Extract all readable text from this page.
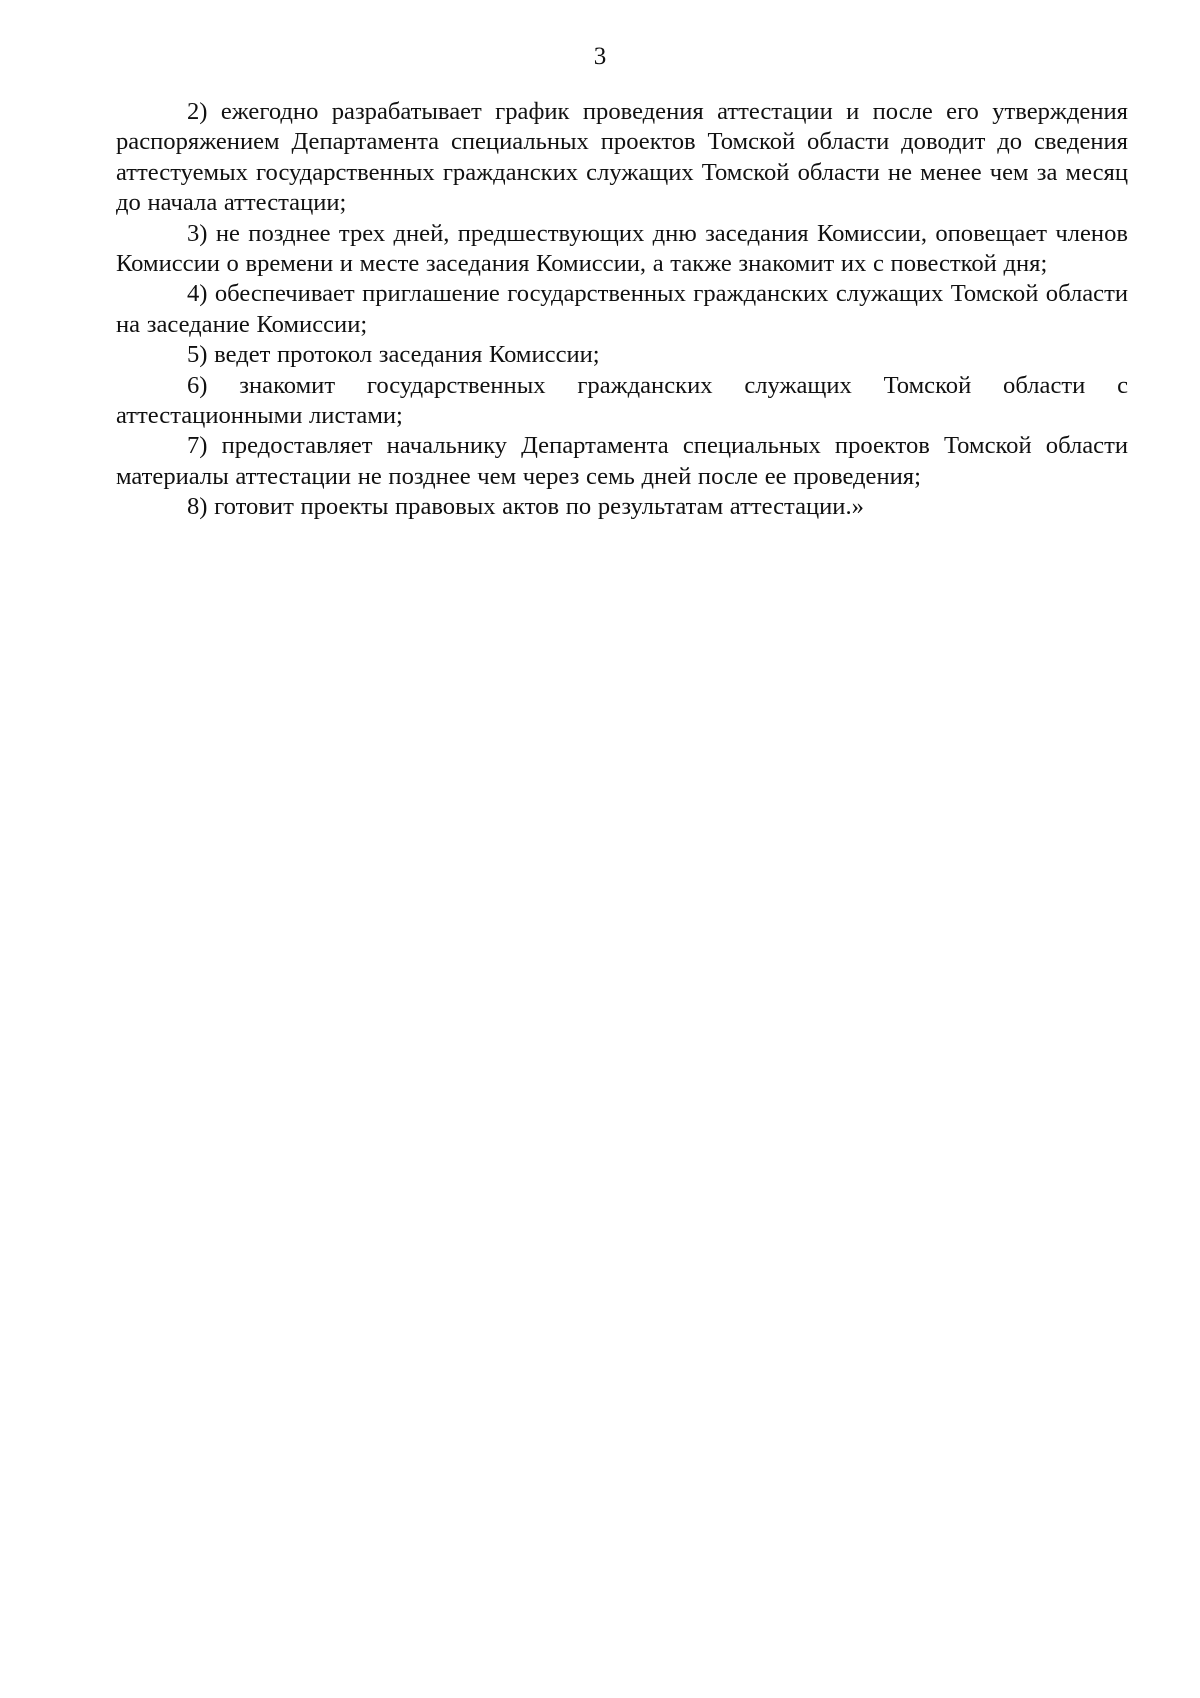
3

2) ежегодно разрабатывает график проведения аттестации и после его утверждения распоряжением Департамента специальных проектов Томской области доводит до сведения аттестуемых государственных гражданских служащих Томской области не менее чем за месяц до начала аттестации;

3) не позднее трех дней, предшествующих дню заседания Комиссии, оповещает членов Комиссии о времени и месте заседания Комиссии, а также знакомит их с повесткой дня;

4) обеспечивает приглашение государственных гражданских служащих Томской области на заседание Комиссии;

5) ведет протокол заседания Комиссии;

6) знакомит государственных гражданских служащих Томской области с аттестационными листами;

7) предоставляет начальнику Департамента специальных проектов Томской области материалы аттестации не позднее чем через семь дней после ее проведения;

8) готовит проекты правовых актов по результатам аттестации.»
